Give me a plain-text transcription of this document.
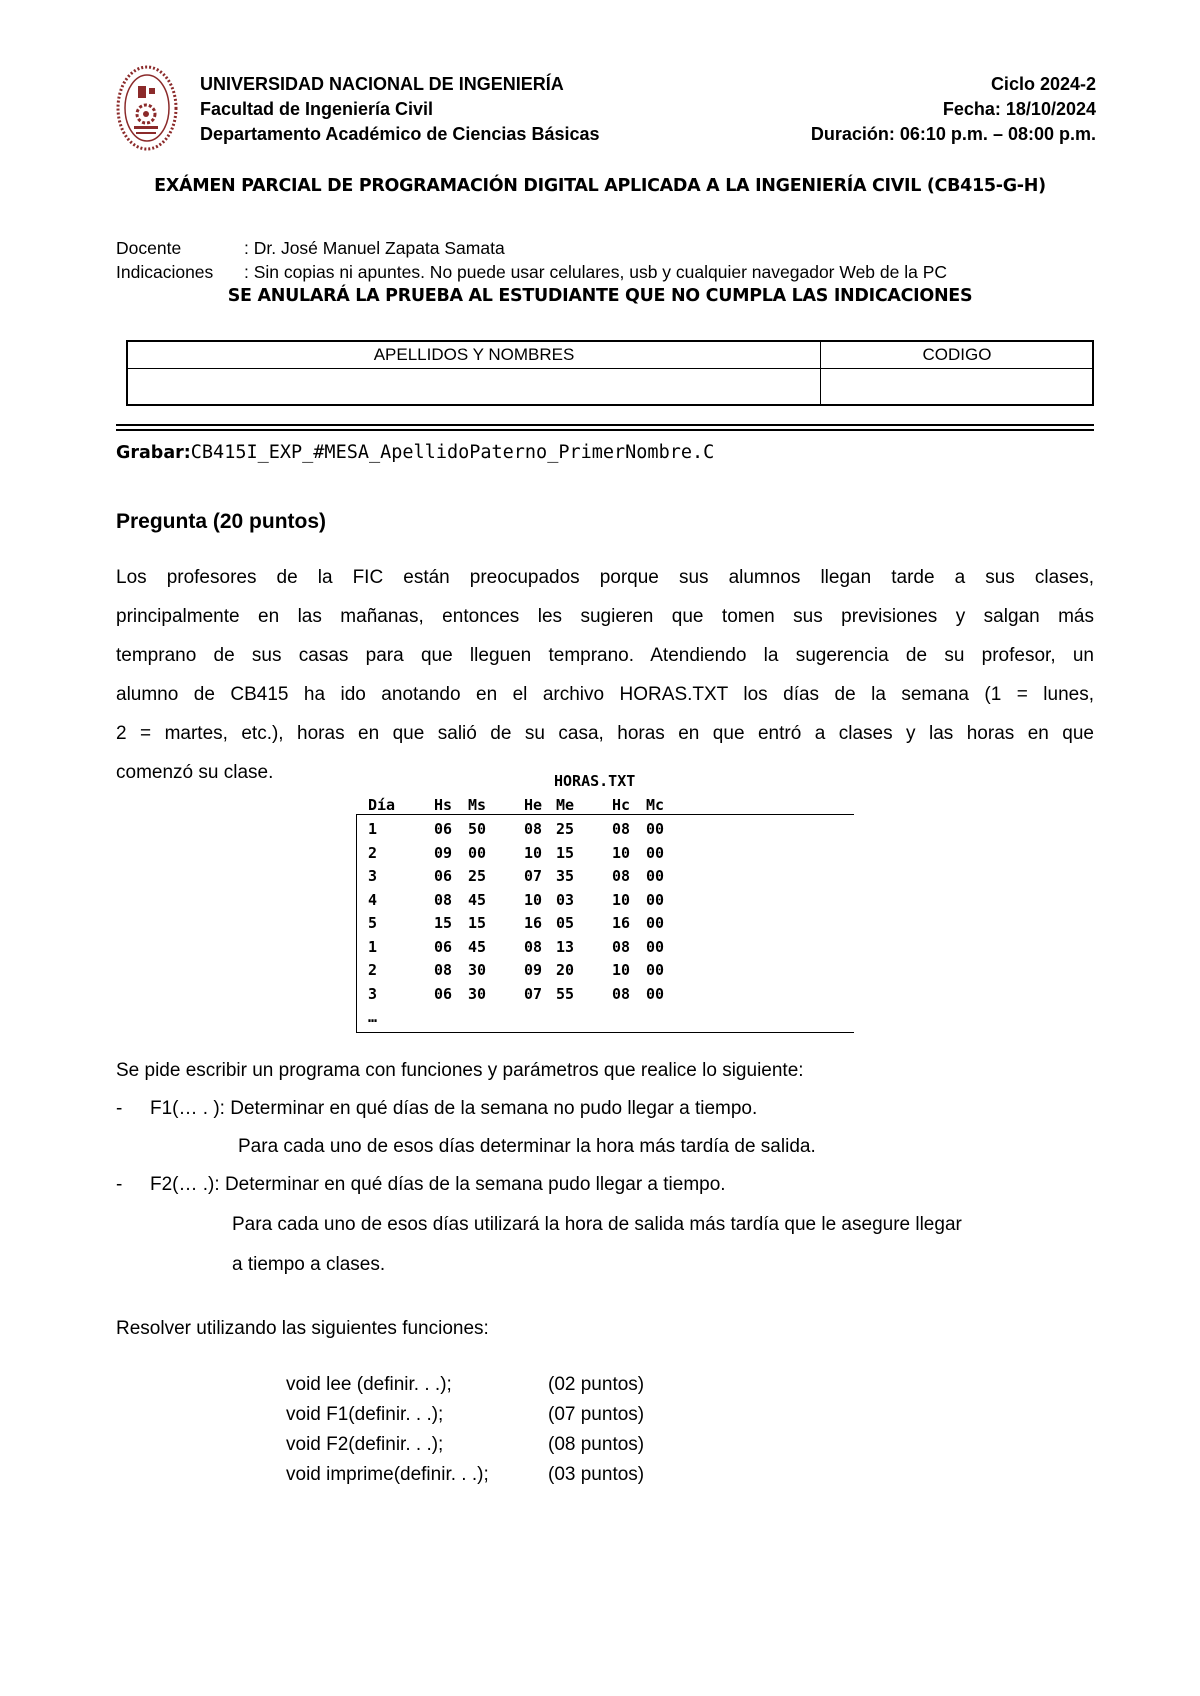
UNIVERSIDAD NACIONAL DE INGENIERÍA
Facultad de Ingeniería Civil
Departamento Académico de Ciencias Básicas
Ciclo 2024-2
Fecha: 18/10/2024
Duración: 06:10 p.m. – 08:00 p.m.
EXÁMEN PARCIAL DE PROGRAMACIÓN DIGITAL APLICADA A LA INGENIERÍA CIVIL (CB415-G-H)
Docente	: Dr. José Manuel Zapata Samata
Indicaciones : Sin copias ni apuntes. No puede usar celulares, usb y cualquier navegador Web de la PC
SE ANULARÁ LA PRUEBA AL ESTUDIANTE QUE NO CUMPLA LAS INDICACIONES
APELLIDOS Y NOMBRES	CODIGO
Grabar:CB415I_EXP_#MESA_ApellidoPaterno_PrimerNombre.C
Pregunta (20 puntos)
Los profesores de la FIC están preocupados porque sus alumnos llegan tarde a sus clases,
principalmente en las mañanas, entonces les sugieren que tomen sus previsiones y salgan más
temprano de sus casas para que lleguen temprano. Atendiendo la sugerencia de su profesor, un
alumno de CB415 ha ido anotando en el archivo HORAS.TXT los días de la semana (1 = lunes,
2 = martes, etc.), horas en que salió de su casa, horas en que entró a clases y las horas en que
comenzó su clase.	HORAS.TXT
Día	Hs Ms	He Me	Hc Mc
1	06 50	08 25	08 00
2	09 00	10 15	10 00
3	06 25	07 35	08 00
4	08 45	10 03	10 00
5	15 15	16 05	16 00
1	06 45	08 13	08 00
2	08 30	09 20	10 00
3	06 30	07 55	08 00
…
Se pide escribir un programa con funciones y parámetros que realice lo siguiente:
- F1(… . ): Determinar en qué días de la semana no pudo llegar a tiempo.
Para cada uno de esos días determinar la hora más tardía de salida.
- F2(… .): Determinar en qué días de la semana pudo llegar a tiempo.
Para cada uno de esos días utilizará la hora de salida más tardía que le asegure llegar
a tiempo a clases.
Resolver utilizando las siguientes funciones:
void lee (definir. . .);	(02 puntos)
void F1(definir. . .);	(07 puntos)
void F2(definir. . .);	(08 puntos)
void imprime(definir. . .);	(03 puntos)
